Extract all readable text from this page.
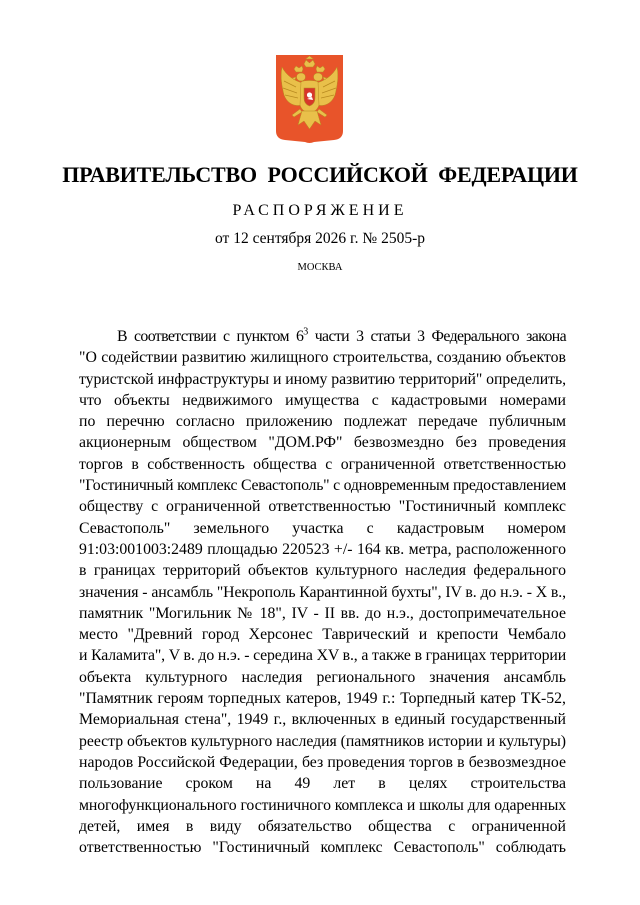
ПРАВИТЕЛЬСТВО  РОССИЙСКОЙ  ФЕДЕРАЦИИ
РАСПОРЯЖЕНИЕ
от 12 сентября 2026 г. № 2505-р
МОСКВА
В соответствии с пунктом $6^3$ части 3 статьи 3 Федерального закона
"О содействии развитию жилищного строительства, созданию объектов
туристской инфраструктуры и иному развитию территорий" определить,
что объекты недвижимого имущества с кадастровыми номерами
по перечню согласно приложению подлежат передаче публичным
акционерным обществом "ДОМ.РФ" безвозмездно без проведения
торгов в собственность общества с ограниченной ответственностью
"Гостиничный комплекс Севастополь" с одновременным предоставлением
обществу с ограниченной ответственностью "Гостиничный комплекс
Севастополь" земельного участка с кадастровым номером
91:03:001003:2489 площадью 220523 +/- 164 кв. метра, расположенного
в границах территорий объектов культурного наследия федерального
значения - ансамбль "Некрополь Карантинной бухты", IV в. до н.э. - X в.,
памятник "Могильник № 18", IV - II вв. до н.э., достопримечательное
место "Древний город Херсонес Таврический и крепости Чембало
и Каламита", V в. до н.э. - середина XV в., а также в границах территории
объекта культурного наследия регионального значения ансамбль
"Памятник героям торпедных катеров, 1949 г.: Торпедный катер ТК-52,
Мемориальная стена", 1949 г., включенных в единый государственный
реестр объектов культурного наследия (памятников истории и культуры)
народов Российской Федерации, без проведения торгов в безвозмездное
пользование сроком на 49 лет в целях строительства
многофункционального гостиничного комплекса и школы для одаренных
детей, имея в виду обязательство общества с ограниченной
ответственностью "Гостиничный комплекс Севастополь" соблюдать
